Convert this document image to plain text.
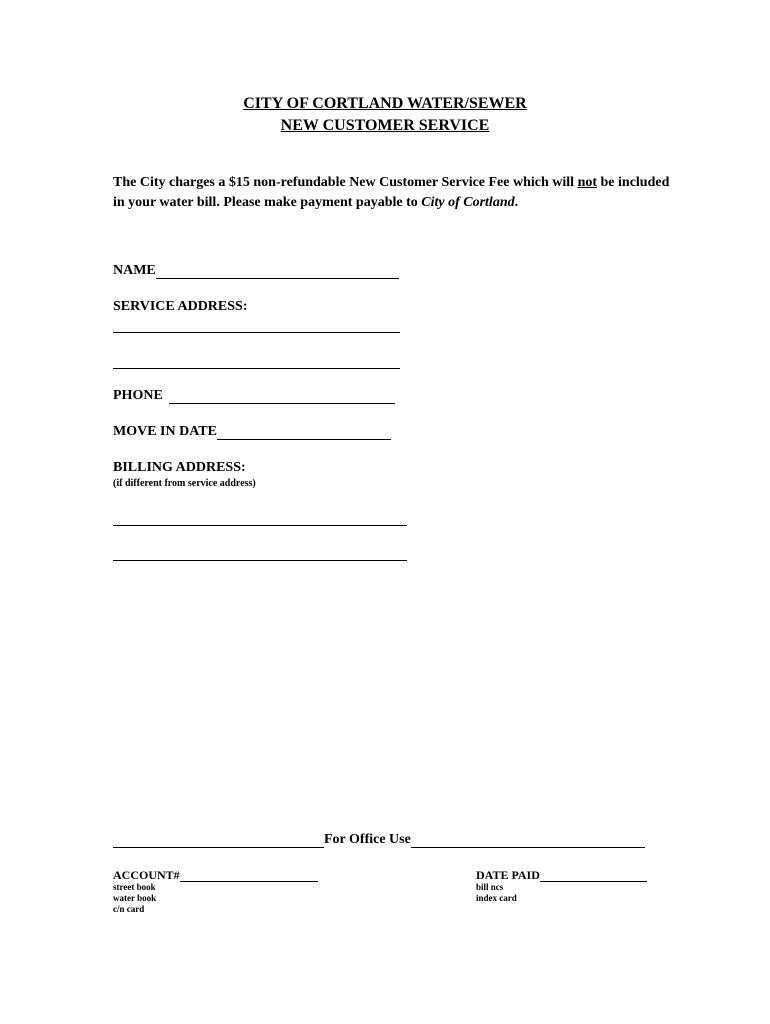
CITY OF CORTLAND WATER/SEWER
NEW CUSTOMER SERVICE
The City charges a $15 non-refundable New Customer Service Fee which will not be included in your water bill. Please make payment payable to City of Cortland.
NAME
SERVICE ADDRESS:
PHONE
MOVE IN DATE
BILLING ADDRESS:
(if different from service address)
For Office Use
ACCOUNT#
street book
water book
c/n card
DATE PAID
bill ncs
index card
